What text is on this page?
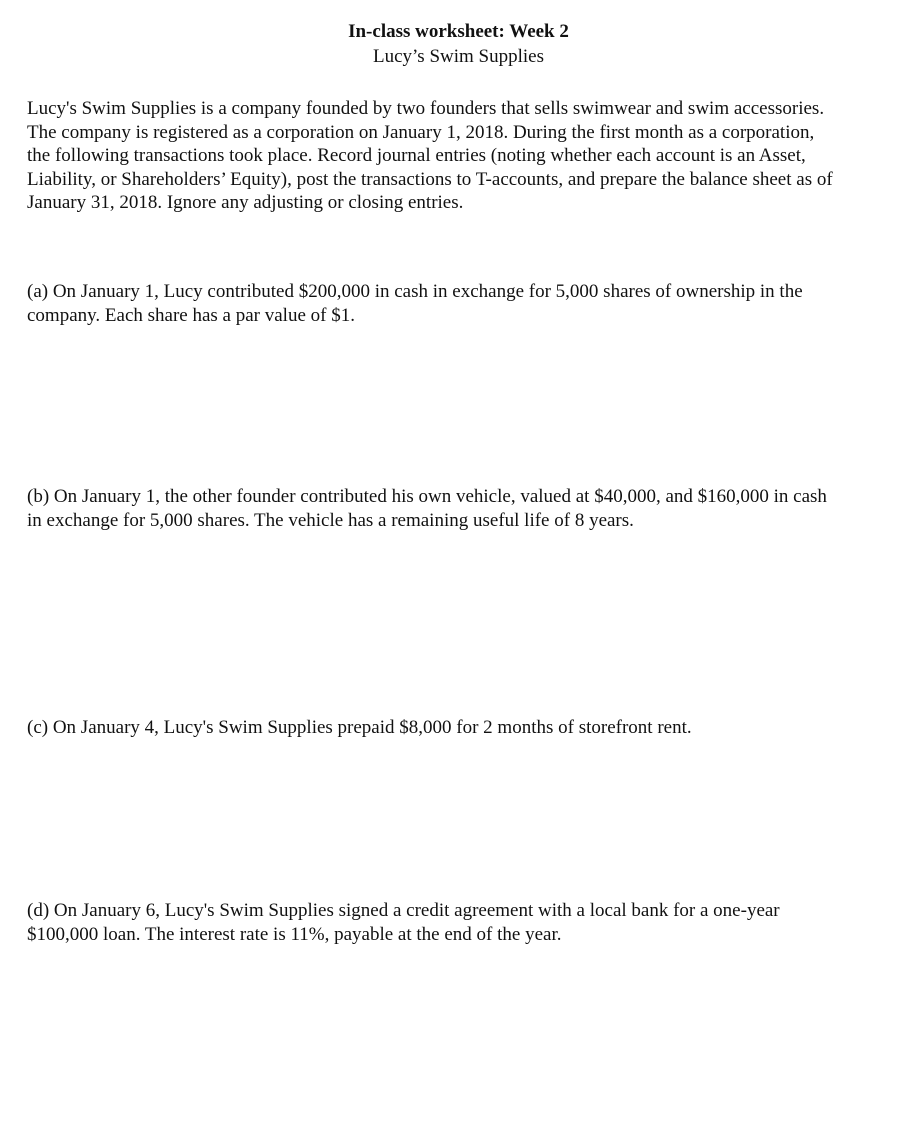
In-class worksheet: Week 2
Lucy’s Swim Supplies

Lucy's Swim Supplies is a company founded by two founders that sells swimwear and swim accessories. The company is registered as a corporation on January 1, 2018. During the first month as a corporation, the following transactions took place. Record journal entries (noting whether each account is an Asset, Liability, or Shareholders’ Equity), post the transactions to T-accounts, and prepare the balance sheet as of January 31, 2018. Ignore any adjusting or closing entries.

(a) On January 1, Lucy contributed $200,000 in cash in exchange for 5,000 shares of ownership in the company. Each share has a par value of $1.

(b) On January 1, the other founder contributed his own vehicle, valued at $40,000, and $160,000 in cash in exchange for 5,000 shares. The vehicle has a remaining useful life of 8 years.

(c) On January 4, Lucy's Swim Supplies prepaid $8,000 for 2 months of storefront rent.

(d) On January 6, Lucy's Swim Supplies signed a credit agreement with a local bank for a one-year $100,000 loan. The interest rate is 11%, payable at the end of the year.
